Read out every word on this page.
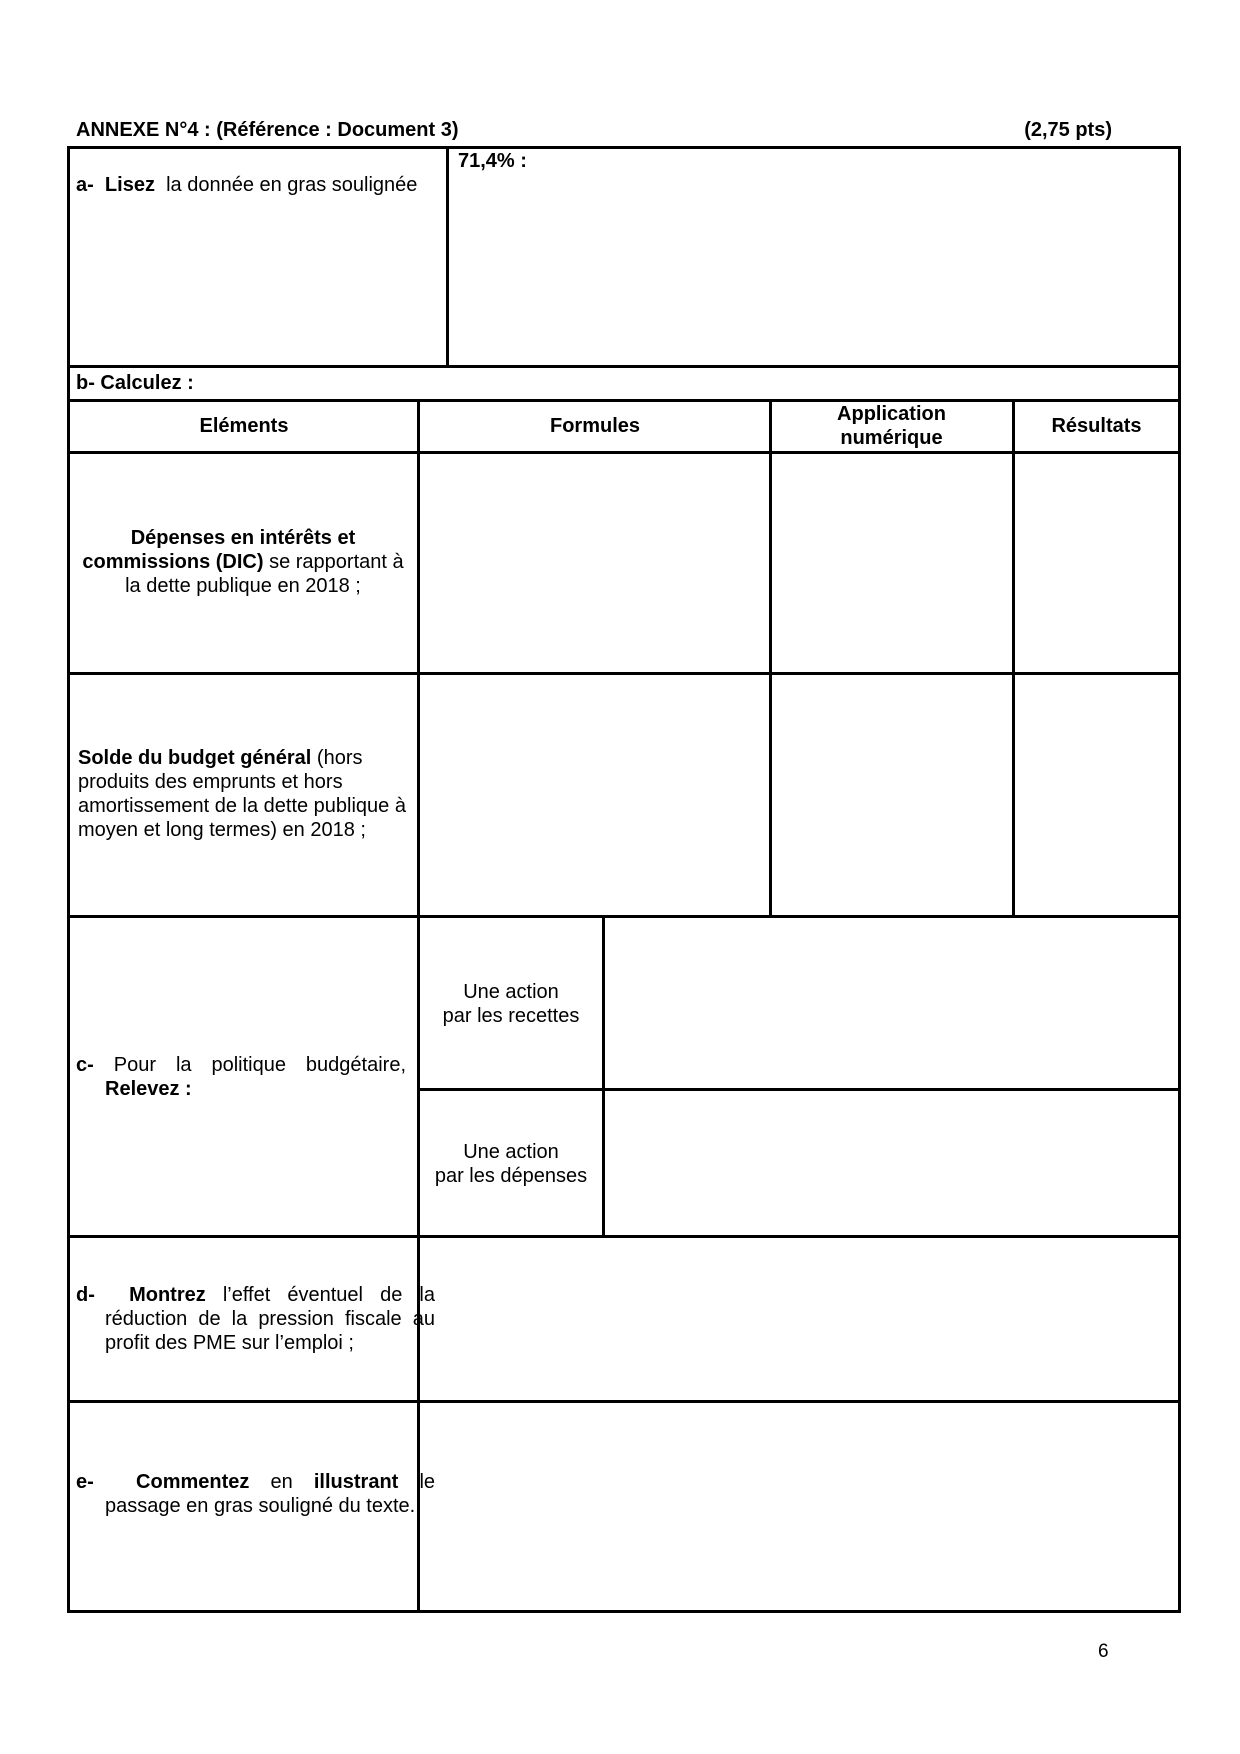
ANNEXE N°4 : (Référence : Document 3)	(2,75 pts)
a- Lisez la donnée en gras soulignée
71,4% :
b- Calculez :
Eléments	Formules
Application numérique
Résultats
Dépenses en intérêts et commissions (DIC) se rapportant à la dette publique en 2018 ;
Solde du budget général (hors produits des emprunts et hors amortissement de la dette publique à moyen et long termes) en 2018 ;
c- Pour la politique budgétaire,
Relevez :
Une action
par les recettes
Une action
par les dépenses
d- Montrez l’effet éventuel de la réduction de la pression fiscale au profit des PME sur l’emploi ;
e- Commentez en illustrant le passage en gras souligné du texte.
6
